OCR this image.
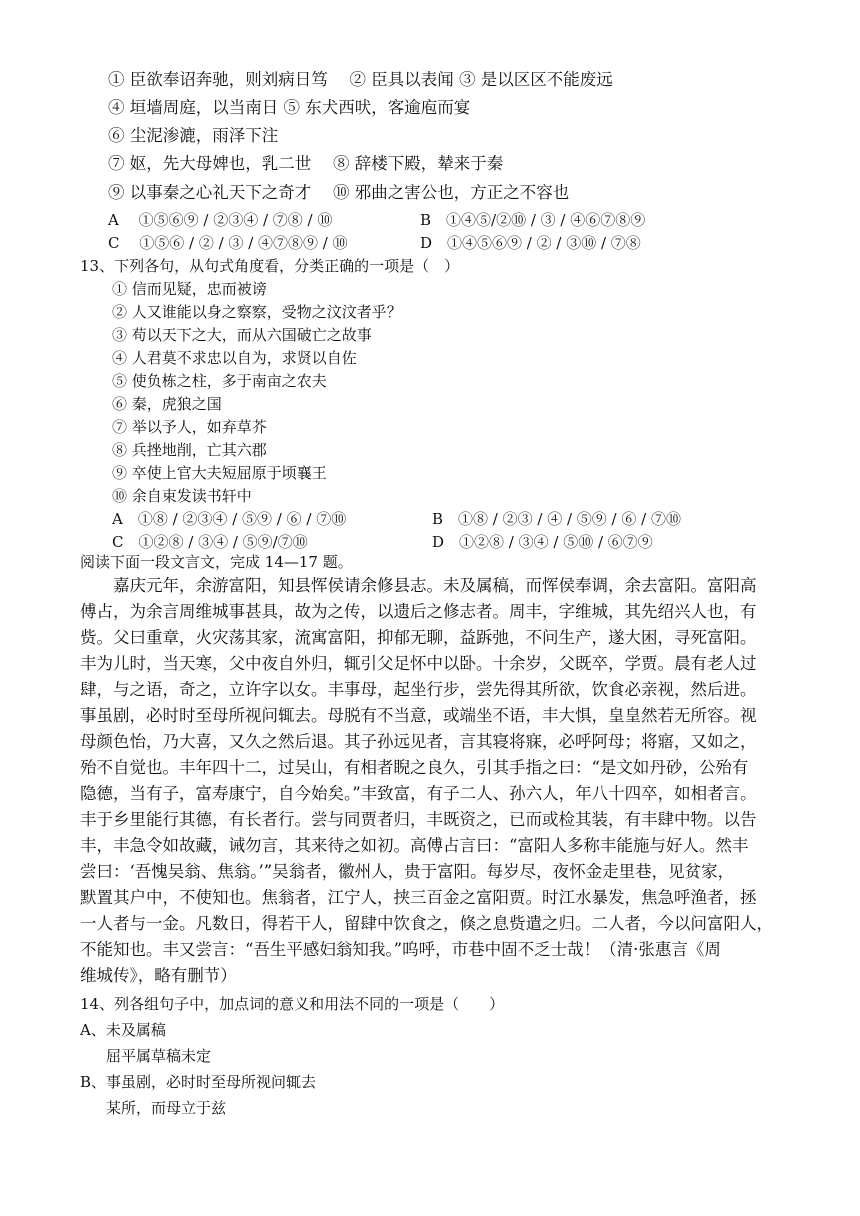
① 臣欲奉诏奔驰，则刘病日笃 　② 臣具以表闻 ③ 是以区区不能废远
④ 垣墙周庭，以当南日 ⑤ 东犬西吠，客逾庖而宴
⑥ 尘泥渗漉，雨泽下注
⑦ 妪，先大母婢也，乳二世 　⑧ 辞楼下殿，辇来于秦
⑨ 以事秦之心礼天下之奇才 　⑩ 邪曲之害公也，方正之不容也
A　 ①⑤⑥⑨ / ②③④ / ⑦⑧ / ⑩	B　①④⑤/②⑩ / ③ / ④⑥⑦⑧⑨
C　 ①⑤⑥ / ② / ③ / ④⑦⑧⑨ / ⑩	D　①④⑤⑥⑨ / ② / ③⑩ / ⑦⑧
13、下列各句，从句式角度看，分类正确的一项是（　）
① 信而见疑，忠而被谤
② 人又谁能以身之察察，受物之汶汶者乎？
③ 苟以天下之大，而从六国破亡之故事
④ 人君莫不求忠以自为，求贤以自佐
⑤ 使负栋之柱，多于南亩之农夫
⑥ 秦，虎狼之国
⑦ 举以予人，如弃草芥
⑧ 兵挫地削，亡其六郡
⑨ 卒使上官大夫短屈原于顷襄王
⑩ 余自束发读书轩中
A　①⑧ / ②③④ / ⑤⑨ / ⑥ / ⑦⑩	B　①⑧ / ②③ / ④ / ⑤⑨ / ⑥ / ⑦⑩
C　①②⑧ / ③④ / ⑤⑨/⑦⑩	D　①②⑧ / ③④ / ⑤⑩ / ⑥⑦⑨
阅读下面一段文言文，完成 14—17 题。
　　嘉庆元年，余游富阳，知县恽侯请余修县志。未及属稿，而恽侯奉调，余去富阳。富阳高
傅占，为余言周维城事甚具，故为之传，以遗后之修志者。周丰，字维城，其先绍兴人也，有
赀。父曰重章，火灾荡其家，流寓富阳，抑郁无聊，益跅弛，不问生产，遂大困，寻死富阳。
丰为儿时，当天寒，父中夜自外归，辄引父足怀中以卧。十余岁，父既卒，学贾。晨有老人过
肆，与之语，奇之，立许字以女。丰事母，起坐行步，尝先得其所欲，饮食必亲视，然后进。
事虽剧，必时时至母所视问辄去。母脱有不当意，或端坐不语，丰大惧，皇皇然若无所容。视
母颜色怡，乃大喜，又久之然后退。其子孙远见者，言其寝将寐，必呼阿母；将寤，又如之，
殆不自觉也。丰年四十二，过吴山，有相者睨之良久，引其手指之曰：“是文如丹砂，公殆有
隐德，当有子，富寿康宁，自今始矣。”丰致富，有子二人、孙六人，年八十四卒，如相者言。
丰于乡里能行其德，有长者行。尝与同贾者归，丰既资之，已而或检其装，有丰肆中物。以告
丰，丰急令如故藏，诫勿言，其来待之如初。高傅占言曰：“富阳人多称丰能施与好人。然丰
尝曰：‘吾愧吴翁、焦翁。’”吴翁者，徽州人，贵于富阳。每岁尽，夜怀金走里巷，见贫家，
默置其户中，不使知也。焦翁者，江宁人，挟三百金之富阳贾。时江水暴发，焦急呼渔者，拯
一人者与一金。凡数日，得若干人，留肆中饮食之，倏之息赀遣之归。二人者，今以问富阳人，
不能知也。丰又尝言：“吾生平感妇翁知我。”呜呼，市巷中固不乏士哉！（清·张惠言《周
维城传》，略有删节）
14、列各组句子中，加点词的意义和用法不同的一项是（　　）
A、未及属稿
屈平属草稿未定
B、事虽剧，必时时至母所视问辄去
某所，而母立于兹
